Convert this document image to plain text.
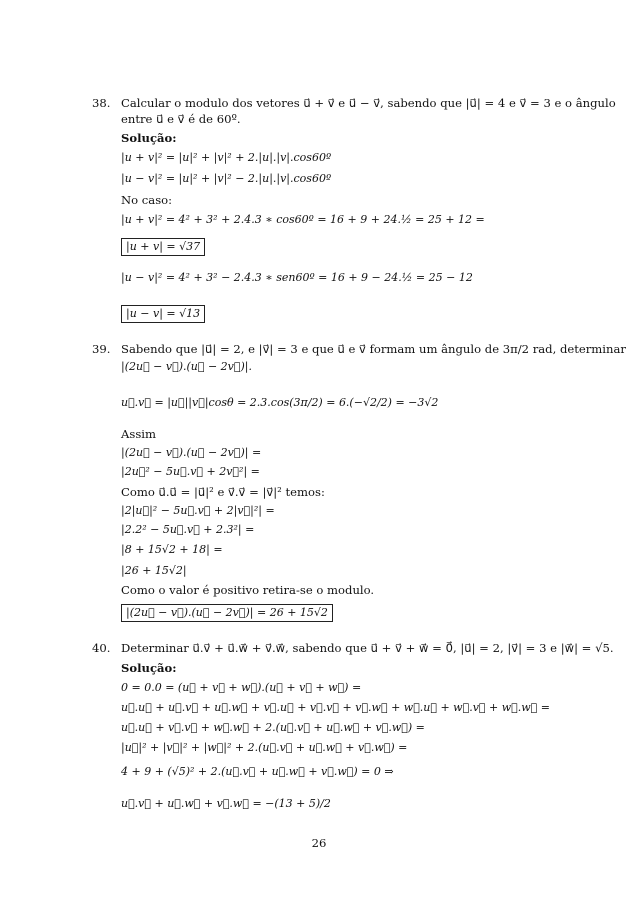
38. Calcular o modulo dos vetores u⃗ + v⃗ e u⃗ − v⃗, sabendo que |u⃗| = 4 e v⃗ = 3 e o ângulo
entre u⃗ e v⃗ é de 60º.
Solução:
|u + v|² = |u|² + |v|² + 2.|u|.|v|.cos60º
|u − v|² = |u|² + |v|² − 2.|u|.|v|.cos60º
No caso:
|u + v|² = 4² + 3² + 2.4.3 ∗ cos60º = 16 + 9 + 24.½ = 25 + 12 =
|u + v| = √37
|u − v|² = 4² + 3² − 2.4.3 ∗ sen60º = 16 + 9 − 24.½ = 25 − 12
|u − v| = √13
39. Sabendo que |u⃗| = 2, e |v⃗| = 3 e que u⃗ e v⃗ formam um ângulo de 3π/2 rad, determinar
|(2u⃗ − v⃗).(u⃗ − 2v⃗)|.
u⃗.v⃗ = |u⃗||v⃗|cosθ = 2.3.cos(3π/2) = 6.(−√2/2) = −3√2
Assim
|(2u⃗ − v⃗).(u⃗ − 2v⃗)| =
|2u⃗² − 5u⃗.v⃗ + 2v⃗²| =
Como u⃗.u⃗ = |u⃗|² e v⃗.v⃗ = |v⃗|² temos:
|2|u⃗|² − 5u⃗.v⃗ + 2|v⃗|²| =
|2.2² − 5u⃗.v⃗ + 2.3²| =
|8 + 15√2 + 18| =
|26 + 15√2|
Como o valor é positivo retira-se o modulo.
|(2u⃗ − v⃗).(u⃗ − 2v⃗)| = 26 + 15√2
40. Determinar u⃗.v⃗ + u⃗.w⃗ + v⃗.w⃗, sabendo que u⃗ + v⃗ + w⃗ = 0⃗, |u⃗| = 2, |v⃗| = 3 e |w⃗| = √5.
Solução:
0 = 0.0 = (u⃗ + v⃗ + w⃗).(u⃗ + v⃗ + w⃗) =
u⃗.u⃗ + u⃗.v⃗ + u⃗.w⃗ + v⃗.u⃗ + v⃗.v⃗ + v⃗.w⃗ + w⃗.u⃗ + w⃗.v⃗ + w⃗.w⃗ =
u⃗.u⃗ + v⃗.v⃗ + w⃗.w⃗ + 2.(u⃗.v⃗ + u⃗.w⃗ + v⃗.w⃗) =
|u⃗|² + |v⃗|² + |w⃗|² + 2.(u⃗.v⃗ + u⃗.w⃗ + v⃗.w⃗) =
4 + 9 + (√5)² + 2.(u⃗.v⃗ + u⃗.w⃗ + v⃗.w⃗) = 0 ⇒
u⃗.v⃗ + u⃗.w⃗ + v⃗.w⃗ = −(13 + 5)/2
26
